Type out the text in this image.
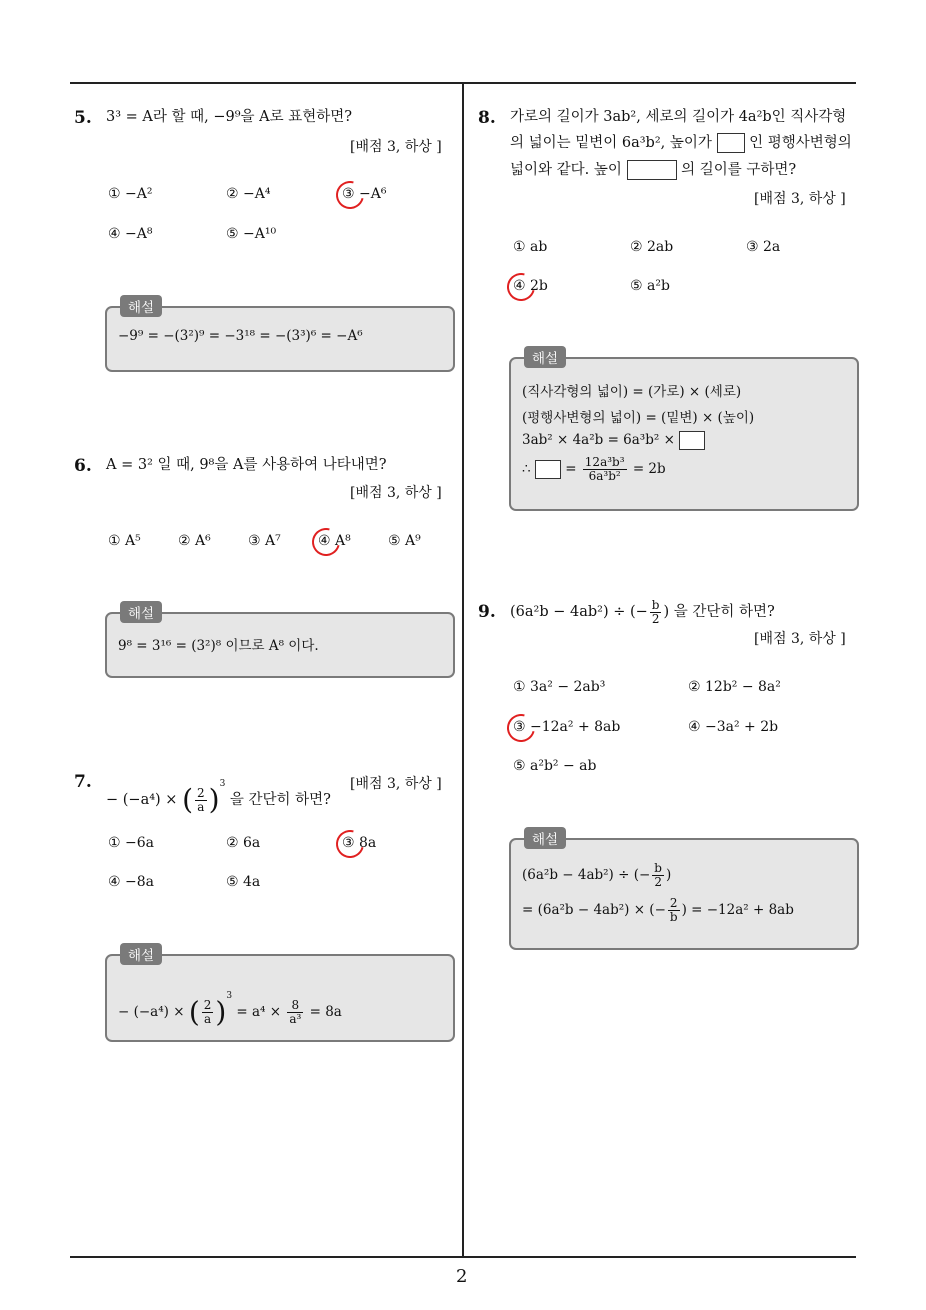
2
5. 3³ = A라 할 때, −9⁹을 A로 표현하면?
[배점 3, 하상 ]
① −A²	② −A⁴	③ −A⁶
④ −A⁸	⑤ −A¹⁰
해설
−9⁹ = −(3²)⁹ = −3¹⁸ = −(3³)⁶ = −A⁶
6. A = 3² 일 때, 9⁸을 A를 사용하여 나타내면?
[배점 3, 하상 ]
① A⁵	② A⁶	③ A⁷	④ A⁸	⑤ A⁹
해설
9⁸ = 3¹⁶ = (3²)⁸ 이므로 A⁸ 이다.
7.
− (−a⁴) × ( $\frac{2}{a} )^3$ 을 간단히 하면?
[배점 3, 하상 ]
① −6a	② 6a	③ 8a
④ −8a	⑤ 4a
해설
− (−a⁴) × ( $\frac{2}{a} )^3 = a^4 \times \frac{8}{\text{a³}} = 8a$
8. 가로의 길이가 3ab², 세로의 길이가 4a²b인 직사각형
의 넓이는 밑변이 6a³b², 높이가	인 평행사변형의
넓이와 같다. 높이	의 길이를 구하면?
[배점 3, 하상 ]
① ab	② 2ab	③ 2a
④ 2b	⑤ a²b
해설
(직사각형의 넓이) = (가로) × (세로)
(평행사변형의 넓이) = (밑변) × (높이)
3ab² × 4a²b = 6a³b² ×
∴	= $\frac{\text{12a³b³}}{\text{6a³b²}} = 2b$
9. (6a²b − 4ab²) ÷ (− $\frac{b}{2}$ ) 을 간단히 하면?
[배점 3, 하상 ]
① 3a² − 2ab³	② 12b² − 8a²
③ −12a² + 8ab	④ −3a² + 2b
⑤ a²b² − ab
해설
(6a²b − 4ab²) ÷ (− $\frac{b}{2}$ )
= (6a²b − 4ab²) × (− $\frac{2}{b}$ ) = −12a² + 8ab
